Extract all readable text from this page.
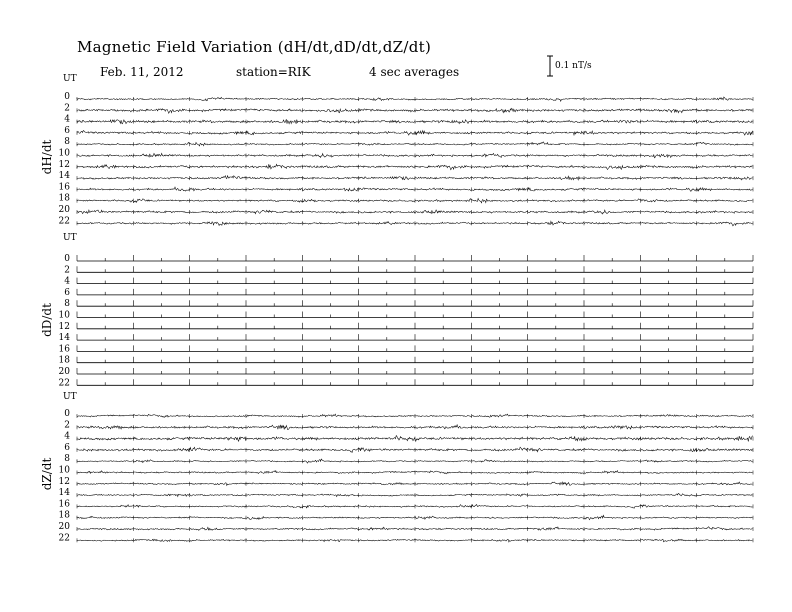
Magnetic Field Variation (dH/dt,dD/dt,dZ/dt)
Feb. 11, 2012	station=RIK	4 sec averages	0.1 nT/s
UT
dH/dt
0
2
4
6
8
10
12
14
16
18
20
22
UT
dD/dt
0
2
4
6
8
10
12
14
16
18
20
22
UT
dZ/dt
0
2
4
6
8
10
12
14
16
18
20
22
